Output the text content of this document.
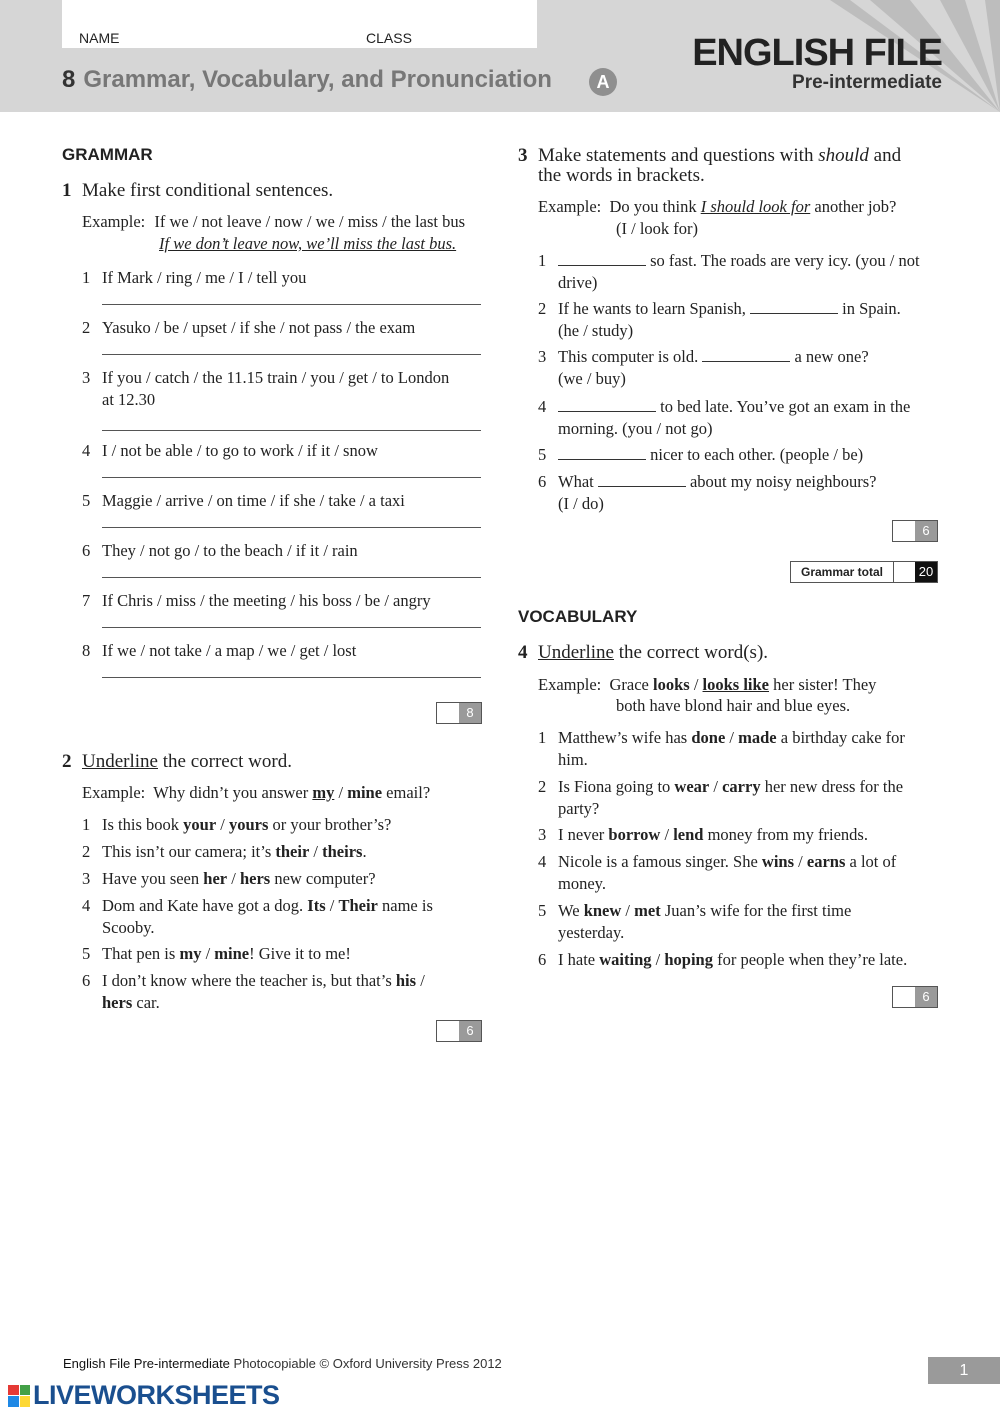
NAME	CLASS
8 Grammar, Vocabulary, and Pronunciation	A
ENGLISH FILE
Pre-intermediate
GRAMMAR
1 Make first conditional sentences.
Example: If we / not leave / now / we / miss / the last bus
If we don’t leave now, we’ll miss the last bus.
1 If Mark / ring / me / I / tell you
2 Yasuko / be / upset / if she / not pass / the exam
3 If you / catch / the 11.15 train / you / get / to London
at 12.30
4 I / not be able / to go to work / if it / snow
5 Maggie / arrive / on time / if she / take / a taxi
6 They / not go / to the beach / if it / rain
7 If Chris / miss / the meeting / his boss / be / angry
8 If we / not take / a map / we / get / lost
8
2 Underline the correct word.
Example: Why didn’t you answer my / mine email?
1 Is this book your / yours or your brother’s?
2 This isn’t our camera; it’s their / theirs.
3 Have you seen her / hers new computer?
4 Dom and Kate have got a dog. Its / Their name is
Scooby.
5 That pen is my / mine! Give it to me!
6 I don’t know where the teacher is, but that’s his /
hers car.
6
3 Make statements and questions with should and
the words in brackets.
Example: Do you think I should look for another job?
(I / look for)
1	so fast. The roads are very icy. (you / not
drive)
2 If he wants to learn Spanish,	in Spain.
(he / study)
3 This computer is old.	a new one?
(we / buy)
4	to bed late. You’ve got an exam in the
morning. (you / not go)
5	nicer to each other. (people / be)
6 What	about my noisy neighbours?
(I / do)
6
Grammar total	20
VOCABULARY
4 Underline the correct word(s).
Example: Grace looks / looks like her sister! They
both have blond hair and blue eyes.
1 Matthew’s wife has done / made a birthday cake for
him.
2 Is Fiona going to wear / carry her new dress for the
party?
3 I never borrow / lend money from my friends.
4 Nicole is a famous singer. She wins / earns a lot of
money.
5 We knew / met Juan’s wife for the first time
yesterday.
6 I hate waiting / hoping for people when they’re late.
6
English File Pre-intermediate Photocopiable © Oxford University Press 2012	1
LIVEWORKSHEETS
